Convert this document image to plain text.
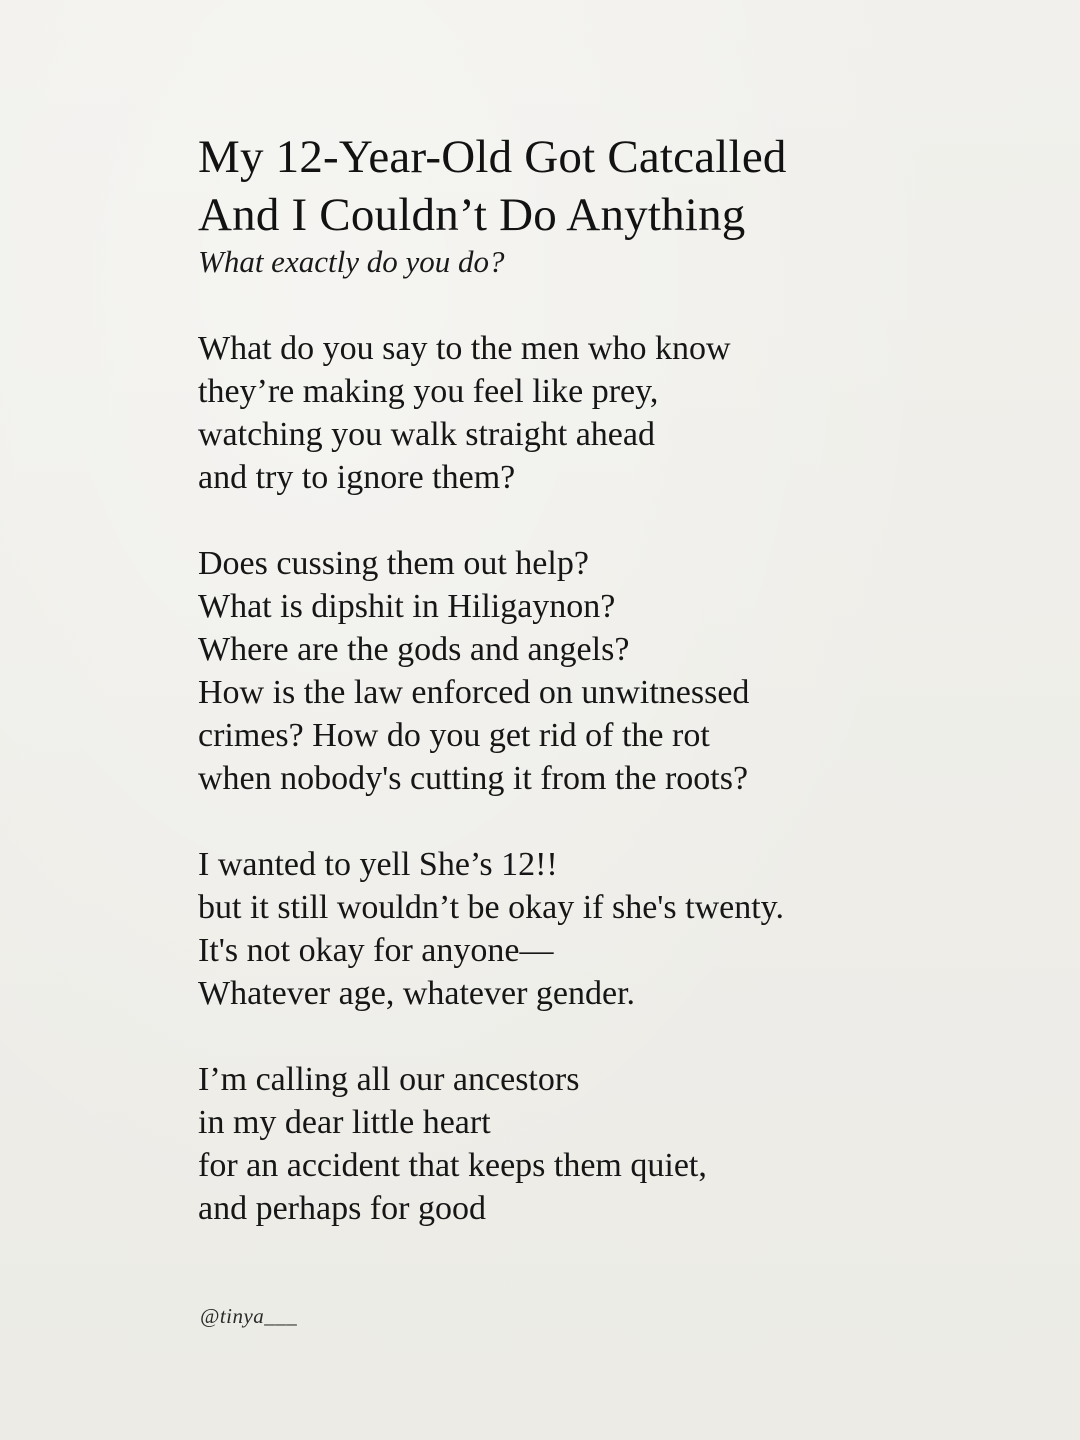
My 12-Year-Old Got Catcalled
And I Couldn’t Do Anything
What exactly do you do?
What do you say to the men who know
they’re making you feel like prey,
watching you walk straight ahead
and try to ignore them?
Does cussing them out help?
What is dipshit in Hiligaynon?
Where are the gods and angels?
How is the law enforced on unwitnessed
crimes? How do you get rid of the rot
when nobody's cutting it from the roots?
I wanted to yell She’s 12!!
but it still wouldn’t be okay if she's twenty.
It's not okay for anyone—
Whatever age, whatever gender.
I’m calling all our ancestors
in my dear little heart
for an accident that keeps them quiet,
and perhaps for good
@tinya___
